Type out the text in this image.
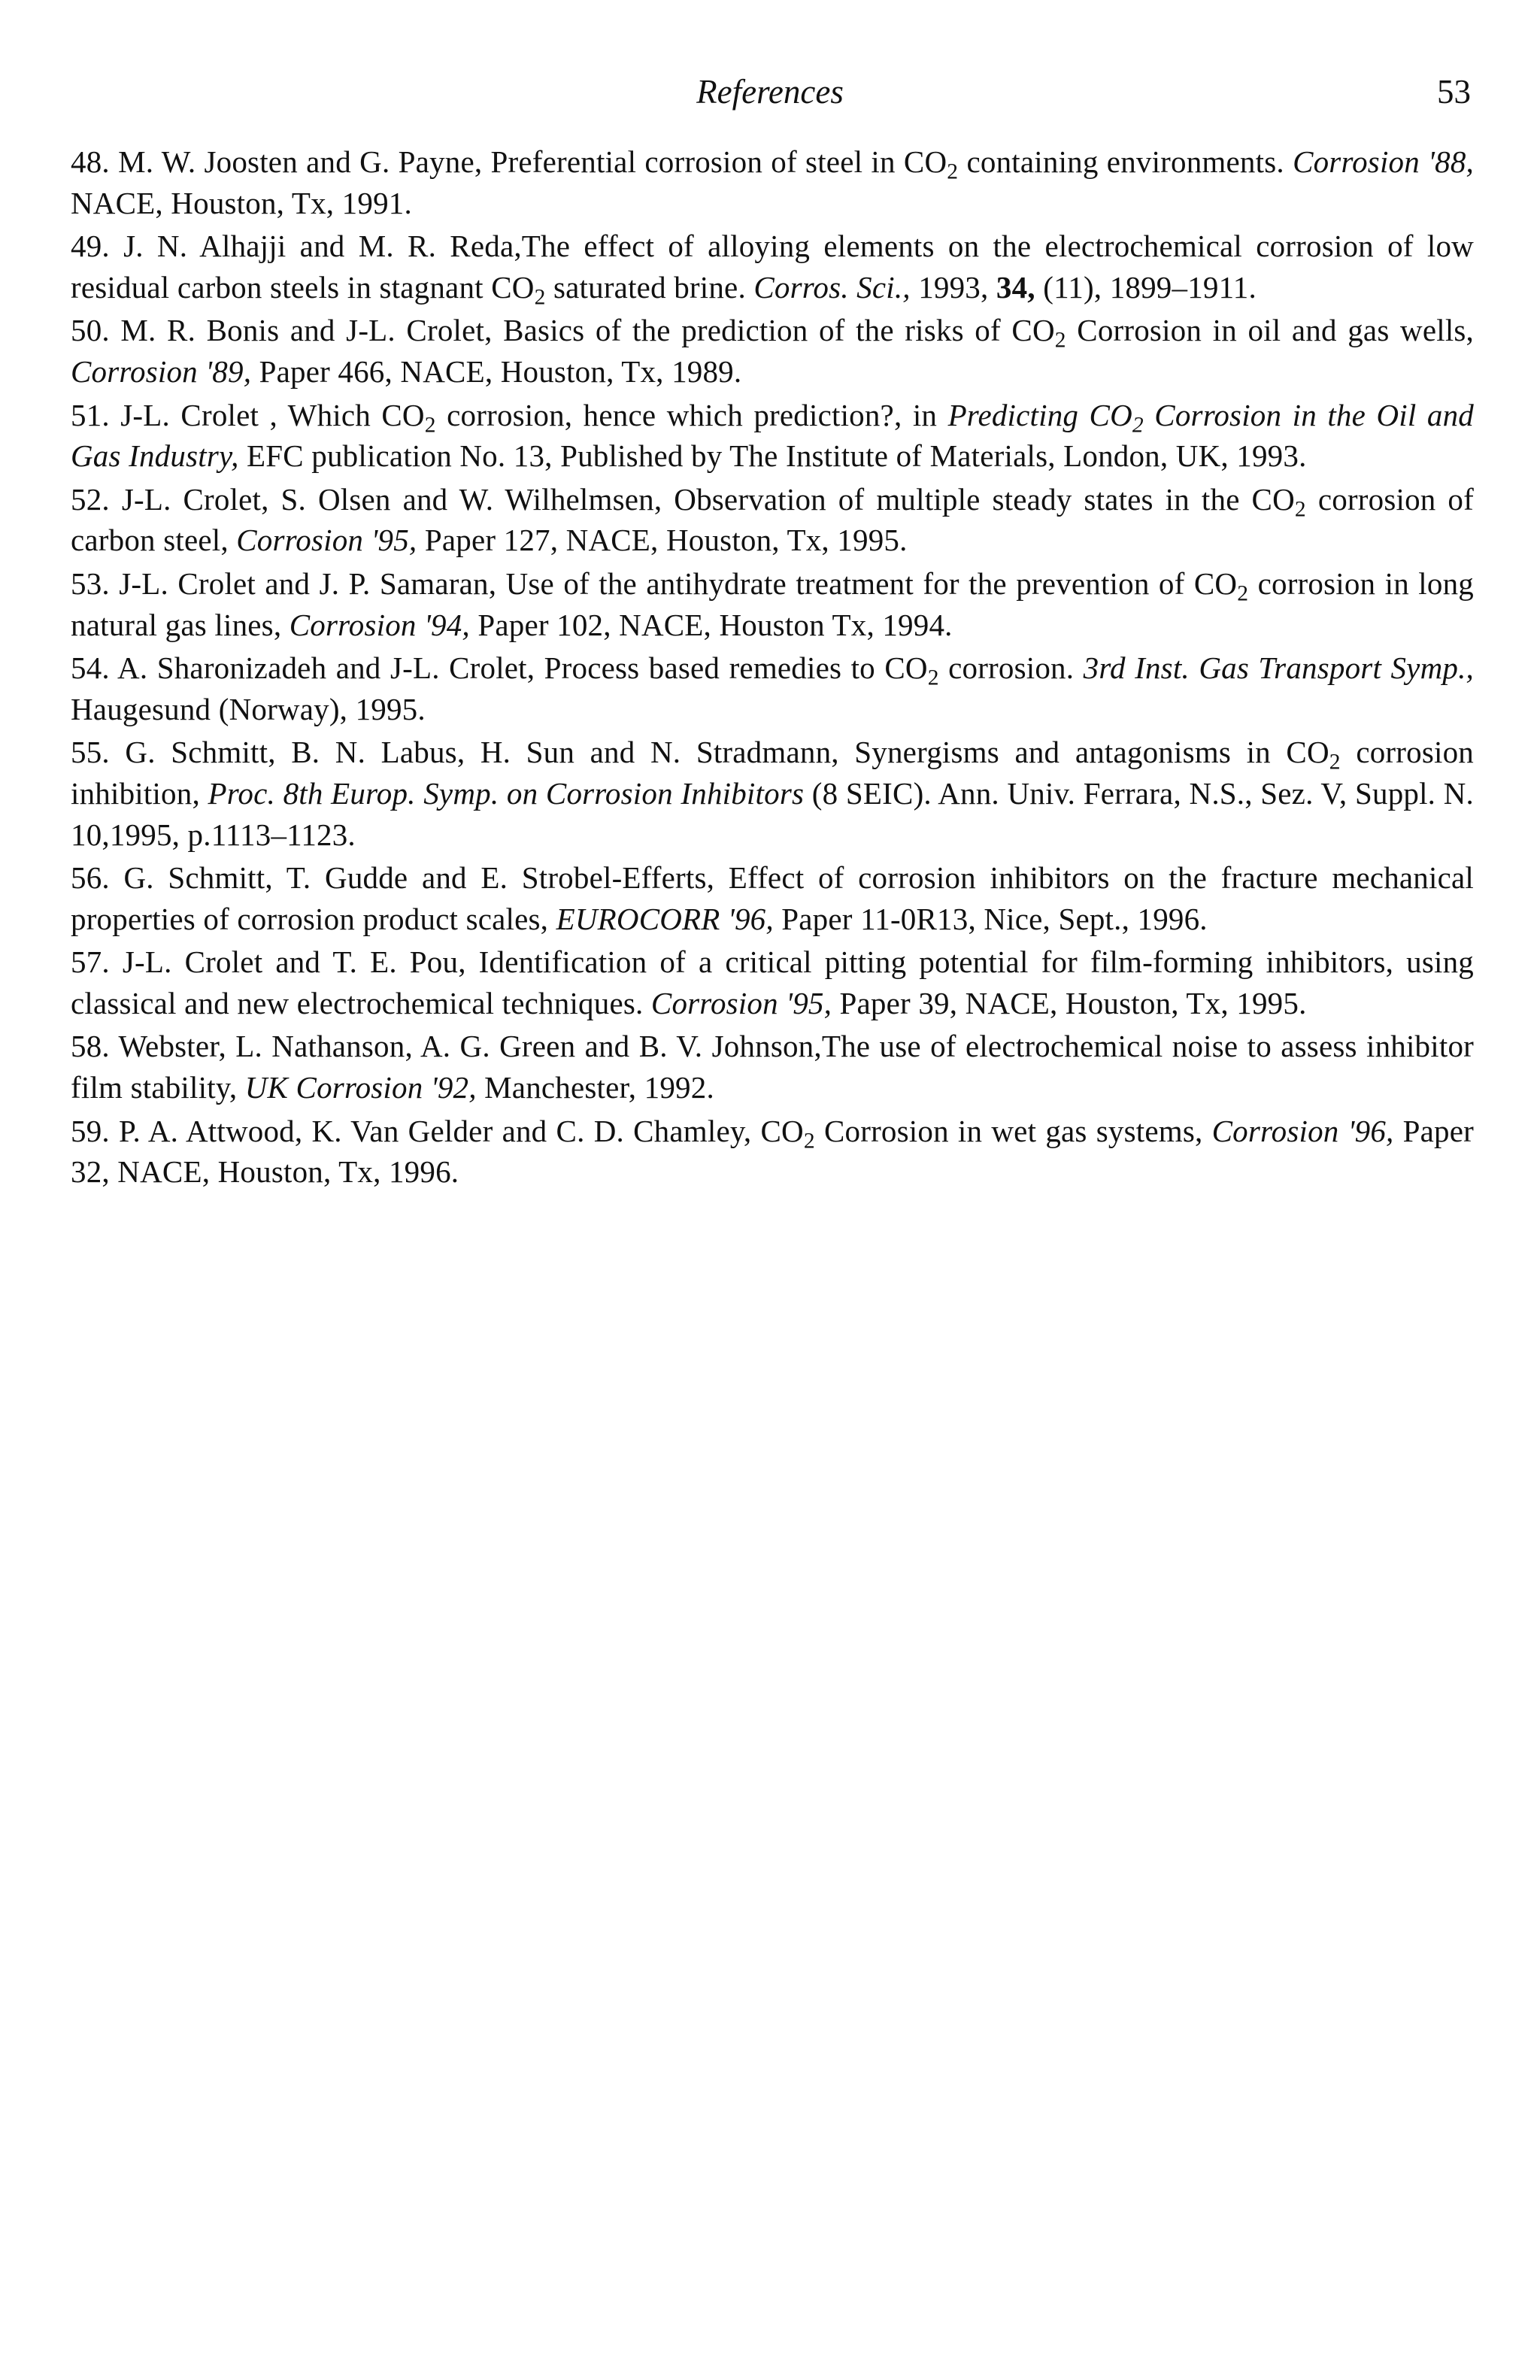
References	53
48. M. W. Joosten and G. Payne, Preferential corrosion of steel in $CO_2$ containing environments. Corrosion '88, NACE, Houston, Tx, 1991.
49. J. N. Alhajji and M. R. Reda,The effect of alloying elements on the electrochemical corrosion of low residual carbon steels in stagnant $CO_2$ saturated brine. Corros. Sci., 1993, 34, (11), 1899–1911.
50. M. R. Bonis and J-L. Crolet, Basics of the prediction of the risks of $CO_2$ Corrosion in oil and gas wells, Corrosion '89, Paper 466, NACE, Houston, Tx, 1989.
51. J-L. Crolet , Which $CO_2$ corrosion, hence which prediction?, in Predicting $CO_2$ Corrosion in the Oil and Gas Industry, EFC publication No. 13, Published by The Institute of Materials, London, UK, 1993.
52. J-L. Crolet, S. Olsen and W. Wilhelmsen, Observation of multiple steady states in the $CO_2$ corrosion of carbon steel, Corrosion '95, Paper 127, NACE, Houston, Tx, 1995.
53. J-L. Crolet and J. P. Samaran, Use of the antihydrate treatment for the prevention of $CO_2$ corrosion in long natural gas lines, Corrosion '94, Paper 102, NACE, Houston Tx, 1994.
54. A. Sharonizadeh and J-L. Crolet, Process based remedies to $CO_2$ corrosion. 3rd Inst. Gas Transport Symp., Haugesund (Norway), 1995.
55. G. Schmitt, B. N. Labus, H. Sun and N. Stradmann, Synergisms and antagonisms in $CO_2$ corrosion inhibition, Proc. 8th Europ. Symp. on Corrosion Inhibitors (8 SEIC). Ann. Univ. Ferrara, N.S., Sez. V, Suppl. N. 10,1995, p.1113–1123.
56. G. Schmitt, T. Gudde and E. Strobel-Efferts, Effect of corrosion inhibitors on the fracture mechanical properties of corrosion product scales, EUROCORR '96, Paper 11-0R13, Nice, Sept., 1996.
57. J-L. Crolet and T. E. Pou, Identification of a critical pitting potential for film-forming inhibitors, using classical and new electrochemical techniques. Corrosion '95, Paper 39, NACE, Houston, Tx, 1995.
58. Webster, L. Nathanson, A. G. Green and B. V. Johnson,The use of electrochemical noise to assess inhibitor film stability, UK Corrosion '92, Manchester, 1992.
59. P. A. Attwood, K. Van Gelder and C. D. Chamley, $CO_2$ Corrosion in wet gas systems, Corrosion '96, Paper 32, NACE, Houston, Tx, 1996.
